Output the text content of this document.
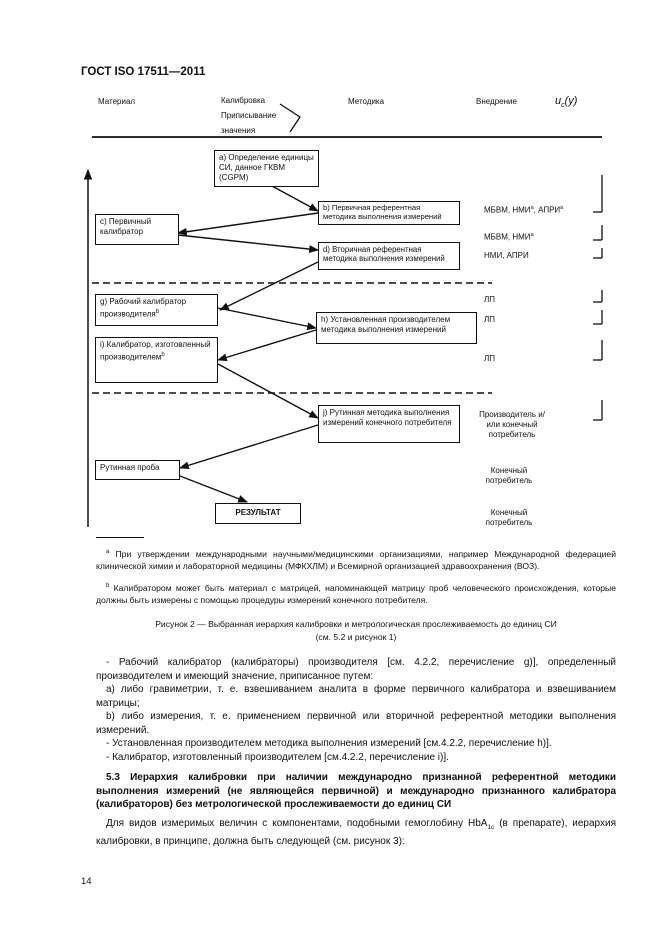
ГОСТ ISO 17511—2011
Материал	Калибровка
Приписывание
значения
Методика	Внедрение	$u_c(y)$
a) Определение единицы СИ, данное ГКВМ (CGPM)
b) Первичная референтная методика выполнения измерений
c) Первичный калибратор
d) Вторичная референтная методика выполнения измерений
g) Рабочий калибратор производителя$^b$
h) Установленная производителем методика выполнения измерений
i) Калибратор, изготовленный производителем$^b$
j) Рутинная методика выполнения измерений конечного потребителя
Рутинная проба
РЕЗУЛЬТАТ
МБВМ, НМИ$^a$, АПРИ$^a$
МБВМ, НМИ$^a$
НМИ, АПРИ
ЛП
ЛП
ЛП
Производитель и/или конечный потребитель
Конечный потребитель
Конечный потребитель
$^a$ При утверждении международными научными/медицинскими организациями, например Международной федерацией клинической химии и лабораторной медицины (МФКХЛМ) и Всемирной организацией здравоохранения (ВОЗ).
$^b$ Калибратором может быть материал с матрицей, напоминающей матрицу проб человеческого происхождения, которые должны быть измерены с помощью процедуры измерений конечного потребителя.
Рисунок 2 — Выбранная иерархия калибровки и метрологическая прослеживаемость до единиц СИ
(см. 5.2 и рисунок 1)
- Рабочий калибратор (калибраторы) производителя [см. 4.2.2, перечисление g)], определенный производителем и имеющий значение, приписанное путем:
a) либо гравиметрии, т. е. взвешиванием аналита в форме первичного калибратора и взвешиванием матрицы;
b) либо измерения, т. е. применением первичной или вторичной референтной методики выполнения измерений.
- Установленная производителем методика выполнения измерений [см.4.2.2, перечисление h)].
- Калибратор, изготовленный производителем [см.4.2.2, перечисление i)].
5.3 Иерархия калибровки при наличии международно признанной референтной методики выполнения измерений (не являющейся первичной) и международно признанного калибратора (калибраторов) без метрологической прослеживаемости до единиц СИ
Для видов измеримых величин с компонентами, подобными гемоглобину HbA$_{1c}$ (в препарате), иерархия калибровки, в принципе, должна быть следующей (см. рисунок 3):
14
